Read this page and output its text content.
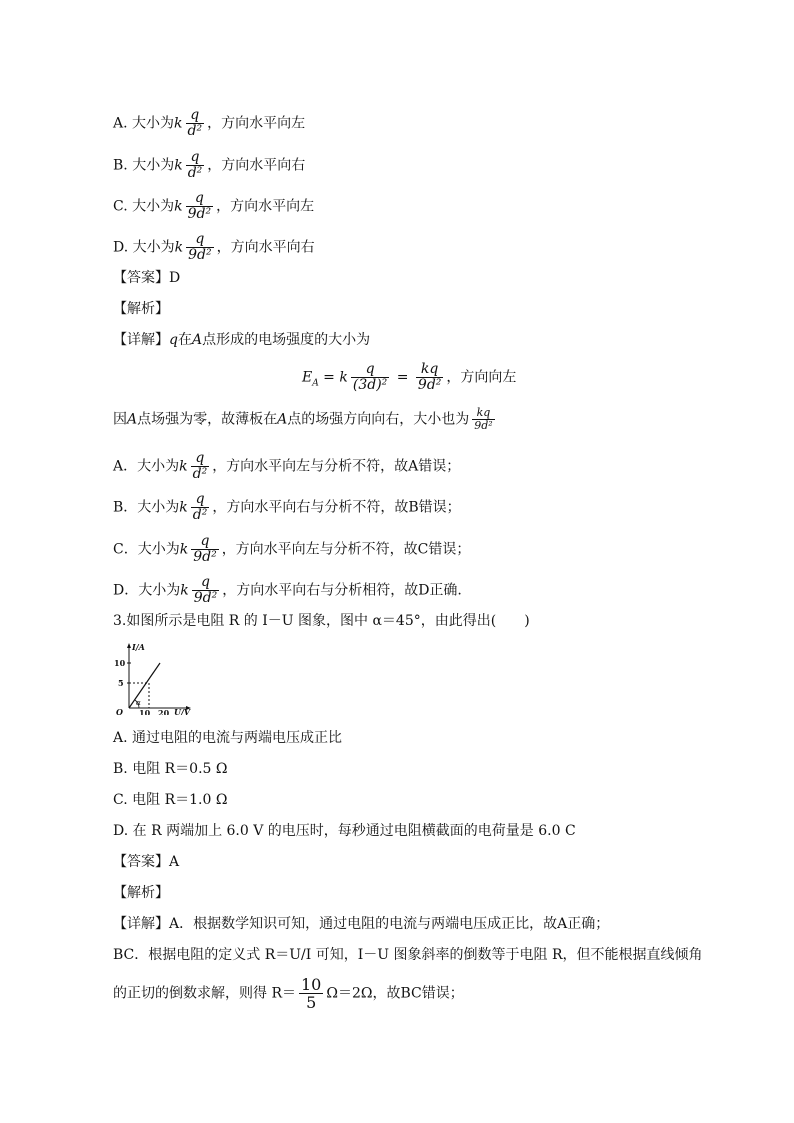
A. 大小为k $\frac{q}{\text{d²}}$ ，方向水平向左
B. 大小为k $\frac{q}{\text{d²}}$ ，方向水平向右
C. 大小为k $\frac{q}{\text{9d²}}$ ，方向水平向左
D. 大小为k $\frac{q}{\text{9d²}}$ ，方向水平向右
【答案】D
【解析】
【详解】q在A点形成的电场强度的大小为
$E_A = k \frac{q}{\text{(3d)²}} = \frac{kq}{\text{9d²}}$ ，方向向左
因A点场强为零，故薄板在A点的场强方向向右，大小也为 $\frac{kq}{\text{9d²}}$
A．大小为k $\frac{q}{\text{d²}}$ ，方向水平向左与分析不符，故A错误；
B．大小为k $\frac{q}{\text{d²}}$ ，方向水平向右与分析不符，故B错误；
C．大小为k $\frac{q}{\text{9d²}}$ ，方向水平向左与分析不符，故C错误；
D．大小为k $\frac{q}{\text{9d²}}$ ，方向水平向右与分析相符，故D正确.
3.如图所示是电阻 R 的 I－U 图象，图中 α＝45°，由此得出(　　)
I/A
U/V
O
10
5
10 20
α
A. 通过电阻的电流与两端电压成正比
B. 电阻 R＝0.5 Ω
C. 电阻 R＝1.0 Ω
D. 在 R 两端加上 6.0 V 的电压时，每秒通过电阻横截面的电荷量是 6.0 C
【答案】A
【解析】
【详解】A．根据数学知识可知，通过电阻的电流与两端电压成正比，故A正确；
BC．根据电阻的定义式 R＝U/I 可知，I－U 图象斜率的倒数等于电阻 R，但不能根据直线倾角
的正切的倒数求解，则得 $R= \frac{10}{5} \Omega=2\Omega$，故BC错误；
